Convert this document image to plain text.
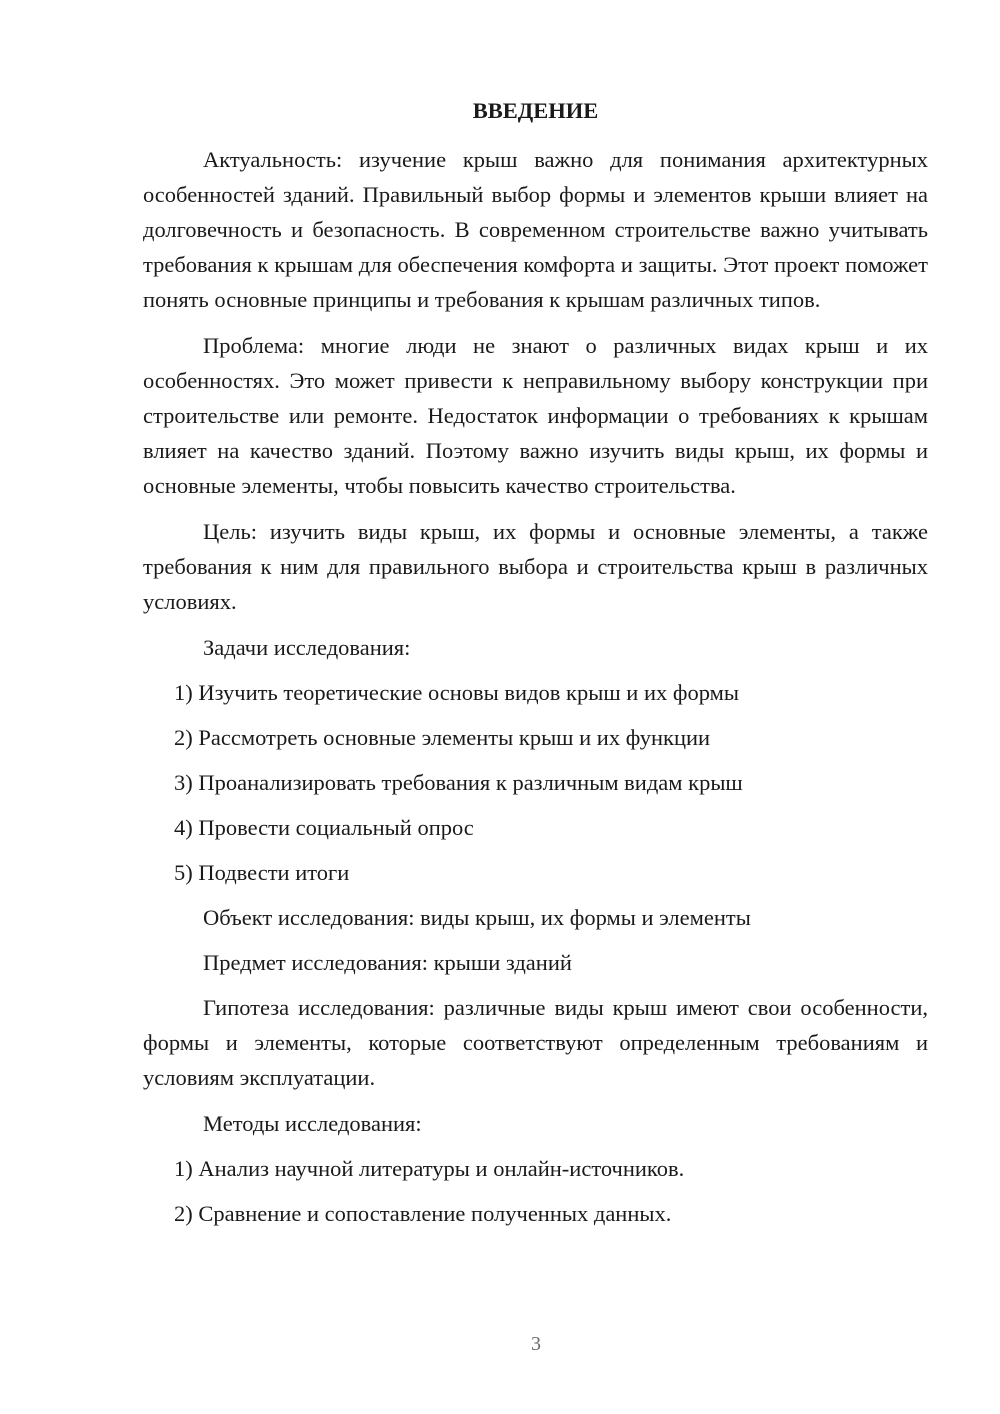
ВВЕДЕНИЕ

Актуальность: изучение крыш важно для понимания архитектурных особенностей зданий. Правильный выбор формы и элементов крыши влияет на долговечность и безопасность. В современном строительстве важно учитывать требования к крышам для обеспечения комфорта и защиты. Этот проект поможет понять основные принципы и требования к крышам различных типов.

Проблема: многие люди не знают о различных видах крыш и их особенностях. Это может привести к неправильному выбору конструкции при строительстве или ремонте. Недостаток информации о требованиях к крышам влияет на качество зданий. Поэтому важно изучить виды крыш, их формы и основные элементы, чтобы повысить качество строительства.

Цель: изучить виды крыш, их формы и основные элементы, а также требования к ним для правильного выбора и строительства крыш в различных условиях.

Задачи исследования:
1) Изучить теоретические основы видов крыш и их формы
2) Рассмотреть основные элементы крыш и их функции
3) Проанализировать требования к различным видам крыш
4) Провести социальный опрос
5) Подвести итоги
Объект исследования: виды крыш, их формы и элементы
Предмет исследования: крыши зданий

Гипотеза исследования: различные виды крыш имеют свои особенности, формы и элементы, которые соответствуют определенным требованиям и условиям эксплуатации.

Методы исследования:
1) Анализ научной литературы и онлайн-источников.
2) Сравнение и сопоставление полученных данных.
3
